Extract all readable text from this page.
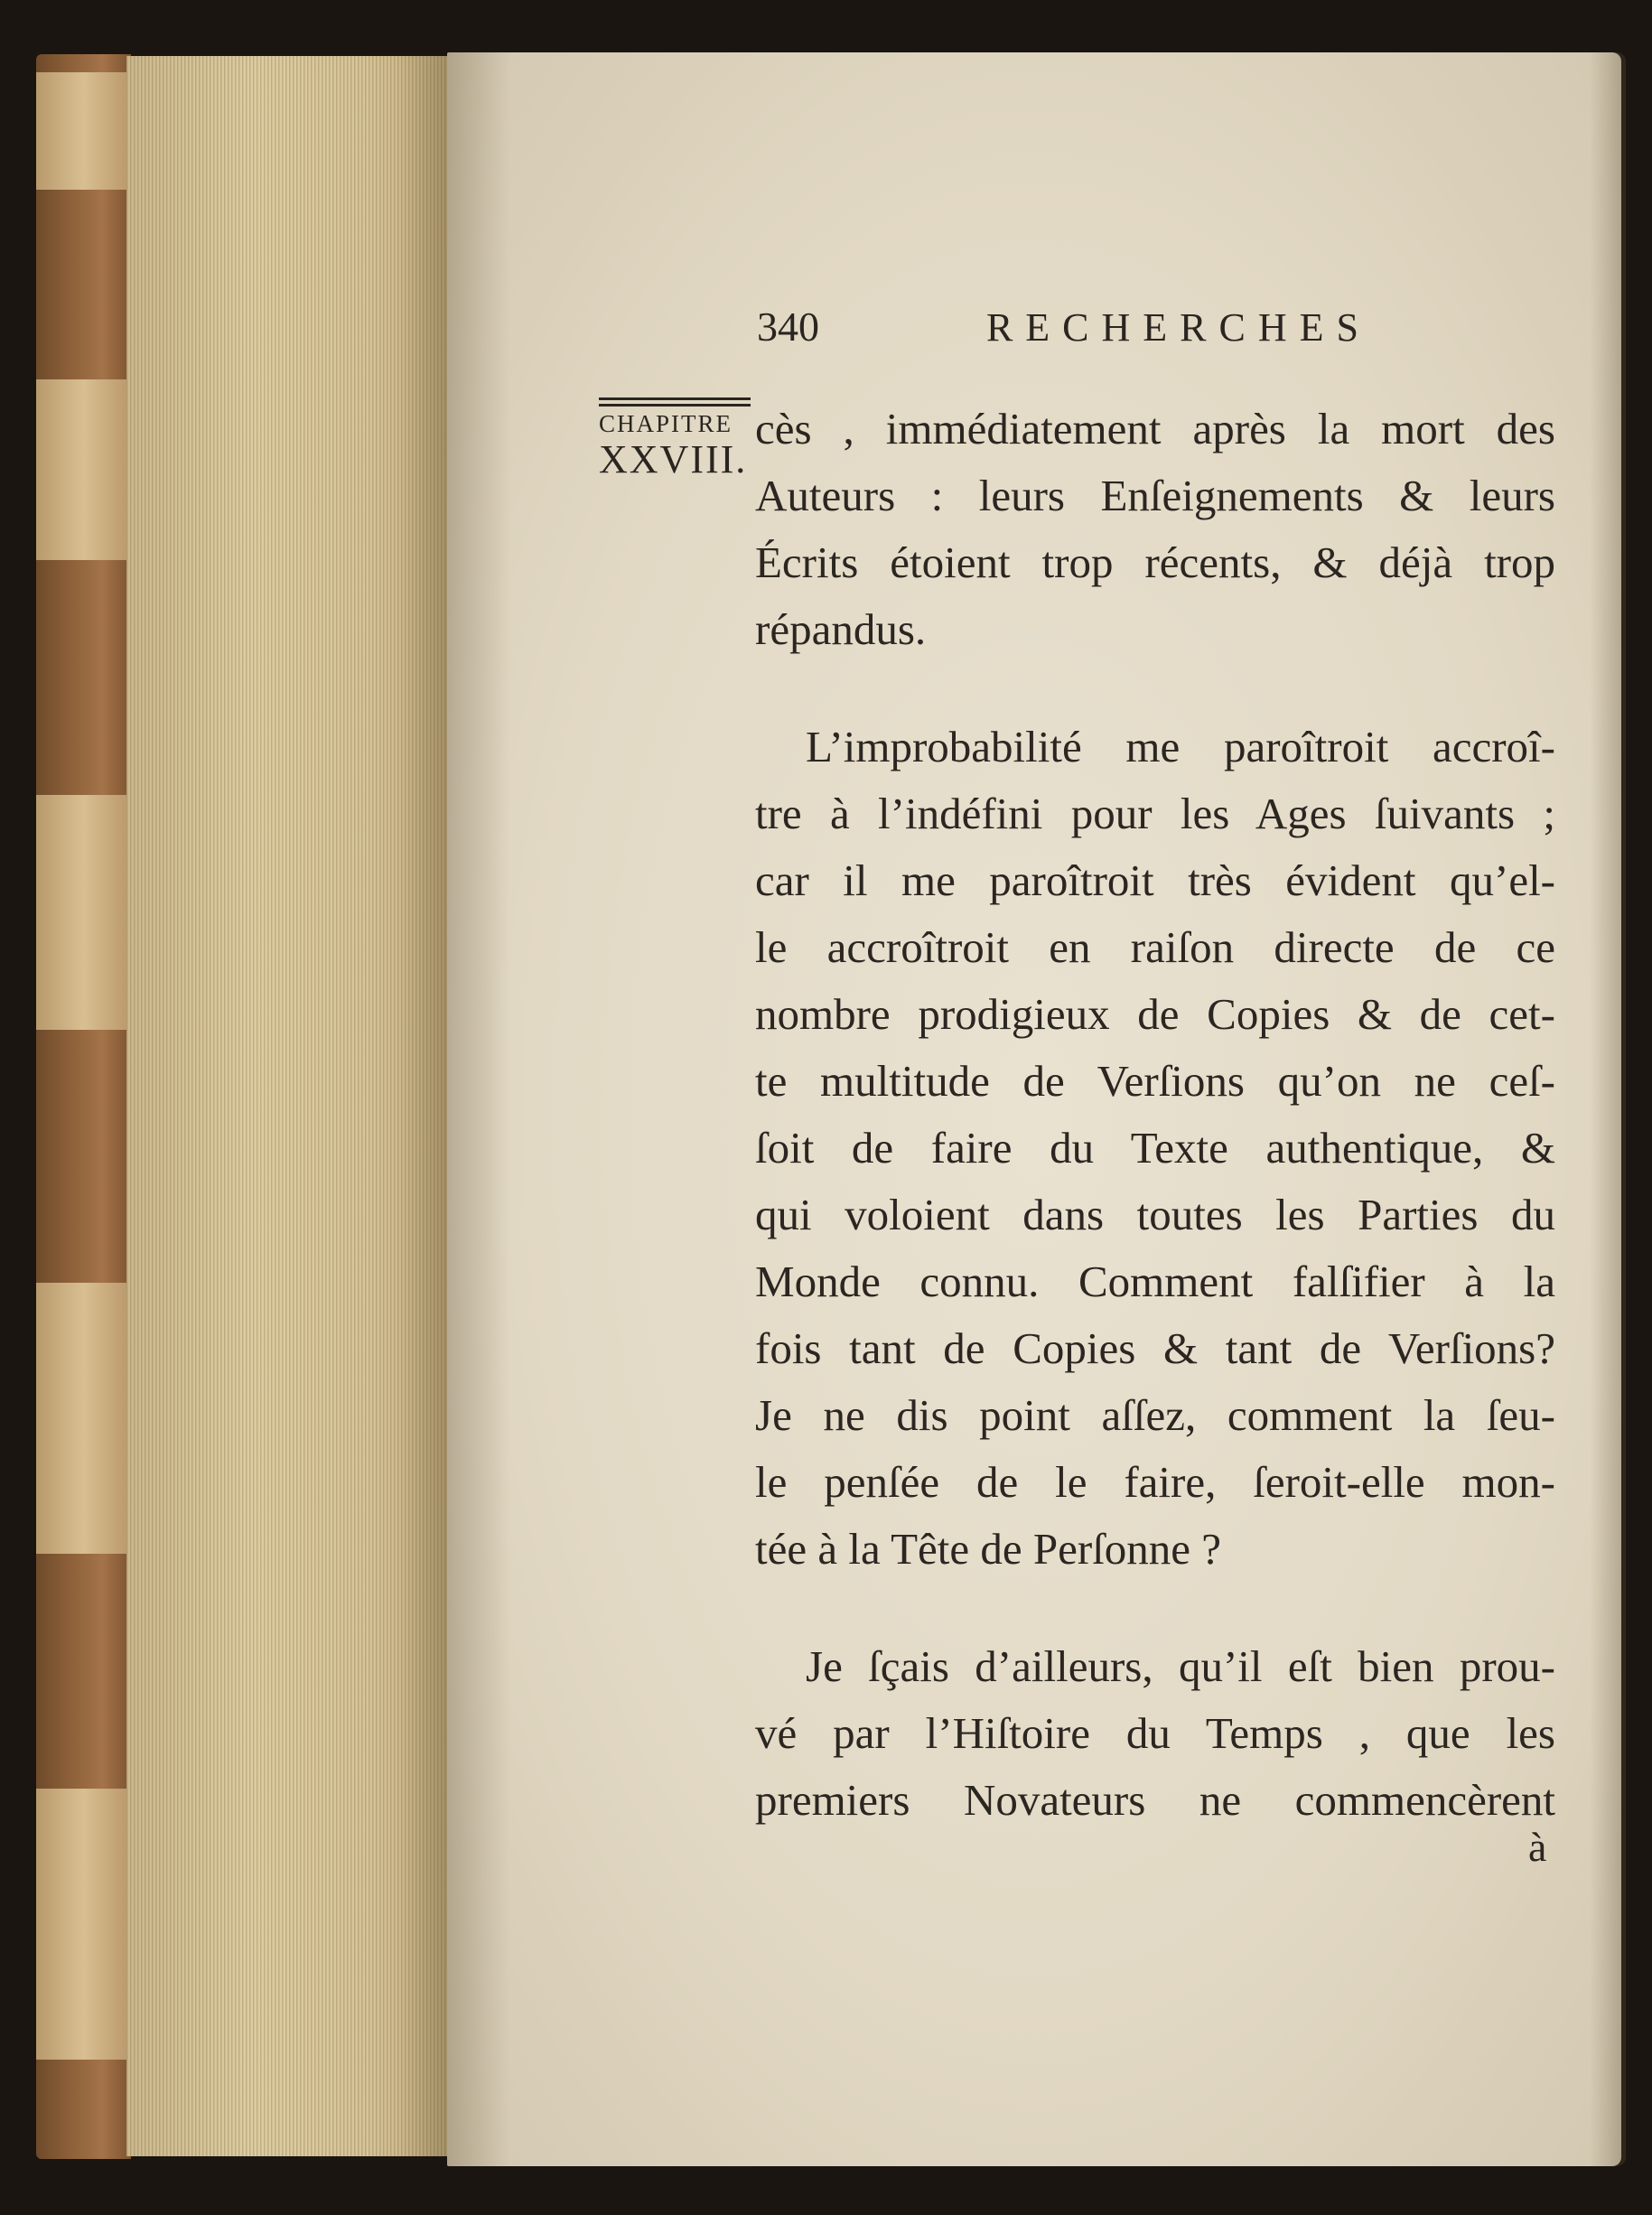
340	RECHERCHES
CHAPITRE
XXVIII.
cès , immédiatement après la mort des
Auteurs : leurs Enſeignements & leurs
Écrits étoient trop récents, & déjà trop
répandus.
L’improbabilité me paroîtroit accroî-
tre à l’indéfini pour les Ages ſuivants ;
car il me paroîtroit très évident qu’el-
le accroîtroit en raiſon directe de ce
nombre prodigieux de Copies & de cet-
te multitude de Verſions qu’on ne ceſ-
ſoit de faire du Texte authentique, &
qui voloient dans toutes les Parties du
Monde connu. Comment falſifier à la
fois tant de Copies & tant de Verſions?
Je ne dis point aſſez, comment la ſeu-
le penſée de le faire, ſeroit-elle mon-
tée à la Tête de Perſonne ?
Je ſçais d’ailleurs, qu’il eſt bien prou-
vé par l’Hiſtoire du Temps , que les
premiers Novateurs ne commencèrent
à
